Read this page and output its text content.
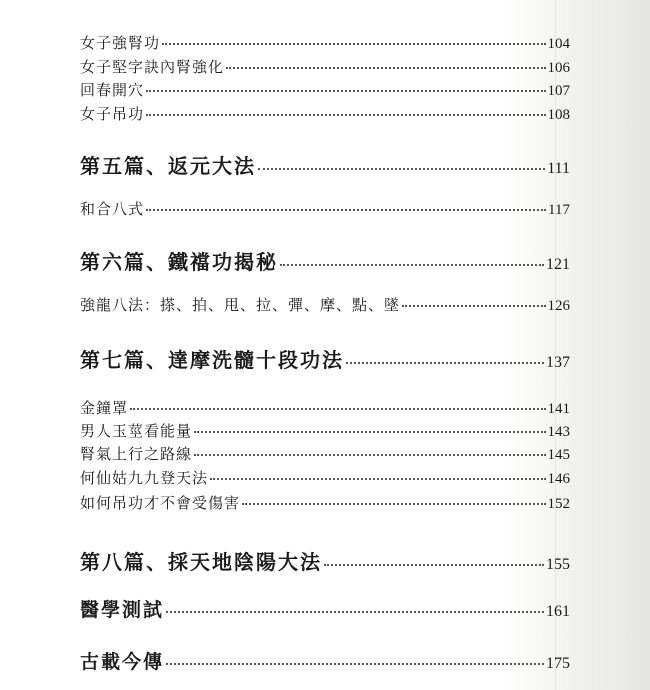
女子強腎功	104
女子堅字訣內腎強化	106
回春開穴	107
女子吊功	108
第五篇、返元大法	111
和合八式	117
第六篇、鐵襠功揭秘	121
強龍八法：搽、拍、甩、拉、彈、摩、點、墜	126
第七篇、達摩洗髓十段功法	137
金鐘罩	141
男人玉莖看能量	143
腎氣上行之路線	145
何仙姑九九登天法	146
如何吊功才不會受傷害	152
第八篇、採天地陰陽大法	155
醫學測試	161
古載今傳	175
